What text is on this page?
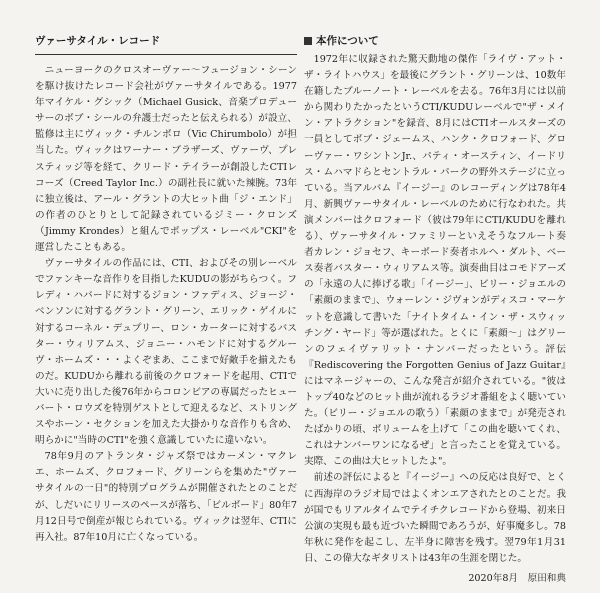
ヴァーサタイル・レコード

ニューヨークのクロスオーヴァー～フュージョン・シーンを駆け抜けたレコード会社がヴァーサタイルである。1977年マイケル・グシック（Michael Gusick、音楽プロデューサーのボブ・シールの弁護士だったと伝えられる）が設立、監修は主にヴィック・チルンボロ（Vic Chirumbolo）が担当した。ヴィックはワーナー・ブラザーズ、ヴァーヴ、プレスティッジ等を経て、クリード・テイラーが創設したCTIレコーズ（Creed Taylor Inc.）の副社長に就いた辣腕。73年に独立後は、アール・グラントの大ヒット曲「ジ・エンド」の作者のひとりとして記録されているジミー・クロンズ（Jimmy Krondes）と組んでポップス・レーベル"CKI"を運営したこともある。

ヴァーサタイルの作品には、CTI、およびその別レーベルでファンキーな音作りを目指したKUDUの影がちらつく。フレディ・ハバードに対するジョン・ファディス、ジョージ・ベンソンに対するグラント・グリーン、エリック・ゲイルに対するコーネル・デュプリー、ロン・カーターに対するバスター・ウィリアムス、ジョニー・ハモンドに対するグルーヴ・ホームズ・・・よくぞまあ、ここまで好敵手を揃えたものだ。KUDUから離れる前後のクロフォードを起用、CTIで大いに売り出した後76年からコロンビアの専属だったヒューバート・ロウズを特別ゲストとして迎えるなど、ストリングスやホーン・セクションを加えた大掛かりな音作りも含め、明らかに"当時のCTI"を強く意識していたに違いない。

78年9月のアトランタ・ジャズ祭ではカーメン・マクレエ、ホームズ、クロフォード、グリーンらを集めた"ヴァーサタイルの一日"的特別プログラムが開催されたとのことだが、しだいにリリースのペースが落ち、「ビルボード」80年7月12日号で倒産が報じられている。ヴィックは翌年、CTIに再入社。87年10月に亡くなっている。

本作について

1972年に収録された驚天動地の傑作「ライヴ・アット・ザ・ライトハウス」を最後にグラント・グリーンは、10数年在籍したブルーノート・レーベルを去る。76年3月には以前から関わりたかったというCTI/KUDUレーベルで"ザ・メイン・アトラクション"を録音、8月にはCTIオールスターズの一員としてボブ・ジェームス、ハンク・クロフォード、グローヴァー・ワシントンJr.、パティ・オースティン、イードリス・ムハマドらとセントラル・パークの野外ステージに立っている。当アルバム『イージー』のレコーディングは78年4月、新興ヴァーサタイル・レーベルのために行なわれた。共演メンバーはクロフォード（彼は79年にCTI/KUDUを離れる）、ヴァーサタイル・ファミリーといえそうなフルート奏者カレン・ジョセフ、キーボード奏者ホルヘ・ダルト、ベース奏者バスター・ウィリアムス等。演奏曲目はコモドアーズの「永遠の人に捧げる歌」「イージー」、ビリー・ジョエルの「素顔のままで」、ウォーレン・ジヴォンがディスコ・マーケットを意識して書いた「ナイトタイム・イン・ザ・スウィッチング・ヤード」等が選ばれた。とくに「素顔～」はグリーンのフェイヴァリット・ナンバーだったという。評伝『Rediscovering the Forgotten Genius of Jazz Guitar』にはマネージャーの、こんな発言が紹介されている。"彼はトップ40などのヒット曲が流れるラジオ番組をよく聴いていた。（ビリー・ジョエルの歌う）「素顔のままで」が発売されたばかりの頃、ボリュームを上げて「この曲を聴いてくれ、これはナンバーワンになるぜ」と言ったことを覚えている。実際、この曲は大ヒットしたよ"。

前述の評伝によると『イージー』への反応は良好で、とくに西海岸のラジオ局ではよくオンエアされたとのことだ。我が国でもリアルタイムでテイチクレコードから登場、初来日公演の実現も最も近づいた瞬間であろうが、好事魔多し。78年秋に発作を起こし、左半身に障害を残す。翌79年1月31日、この偉大なギタリストは43年の生涯を閉じた。

2020年8月　原田和典
